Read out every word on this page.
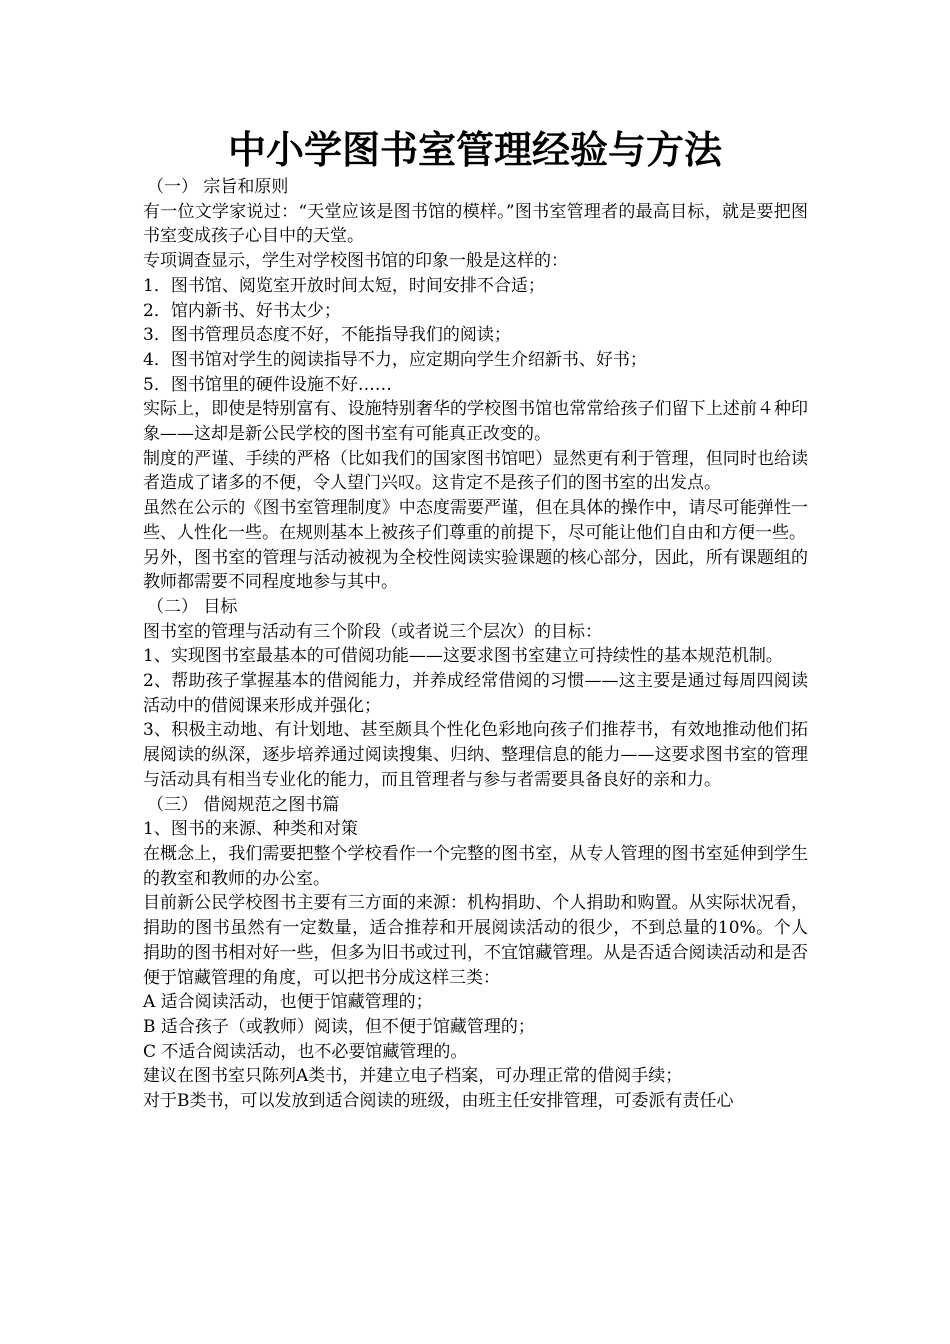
中小学图书室管理经验与方法

（一） 宗旨和原则

有一位文学家说过：“天堂应该是图书馆的模样。”图书室管理者的最高目标，就是要把图书室变成孩子心目中的天堂。

专项调查显示，学生对学校图书馆的印象一般是这样的：

1．图书馆、阅览室开放时间太短，时间安排不合适；

2．馆内新书、好书太少；

3．图书管理员态度不好，不能指导我们的阅读；

4．图书馆对学生的阅读指导不力，应定期向学生介绍新书、好书；

5．图书馆里的硬件设施不好……

实际上，即使是特别富有、设施特别奢华的学校图书馆也常常给孩子们留下上述前４种印象——这却是新公民学校的图书室有可能真正改变的。

制度的严谨、手续的严格（比如我们的国家图书馆吧）显然更有利于管理，但同时也给读者造成了诸多的不便，令人望门兴叹。这肯定不是孩子们的图书室的出发点。

虽然在公示的《图书室管理制度》中态度需要严谨，但在具体的操作中，请尽可能弹性一些、人性化一些。在规则基本上被孩子们尊重的前提下，尽可能让他们自由和方便一些。

另外，图书室的管理与活动被视为全校性阅读实验课题的核心部分，因此，所有课题组的教师都需要不同程度地参与其中。

（二） 目标

图书室的管理与活动有三个阶段（或者说三个层次）的目标：

1、实现图书室最基本的可借阅功能——这要求图书室建立可持续性的基本规范机制。

2、帮助孩子掌握基本的借阅能力，并养成经常借阅的习惯——这主要是通过每周四阅读活动中的借阅课来形成并强化；

3、积极主动地、有计划地、甚至颇具个性化色彩地向孩子们推荐书，有效地推动他们拓展阅读的纵深，逐步培养通过阅读搜集、归纳、整理信息的能力——这要求图书室的管理与活动具有相当专业化的能力，而且管理者与参与者需要具备良好的亲和力。

（三） 借阅规范之图书篇

1、图书的来源、种类和对策

在概念上，我们需要把整个学校看作一个完整的图书室，从专人管理的图书室延伸到学生的教室和教师的办公室。

目前新公民学校图书主要有三方面的来源：机构捐助、个人捐助和购置。从实际状况看，捐助的图书虽然有一定数量，适合推荐和开展阅读活动的很少，不到总量的10%。个人捐助的图书相对好一些，但多为旧书或过刊，不宜馆藏管理。从是否适合阅读活动和是否便于馆藏管理的角度，可以把书分成这样三类：

A 适合阅读活动，也便于馆藏管理的；

B 适合孩子（或教师）阅读，但不便于馆藏管理的；

C 不适合阅读活动，也不必要馆藏管理的。

建议在图书室只陈列A类书，并建立电子档案，可办理正常的借阅手续；

对于B类书，可以发放到适合阅读的班级，由班主任安排管理，可委派有责任心
